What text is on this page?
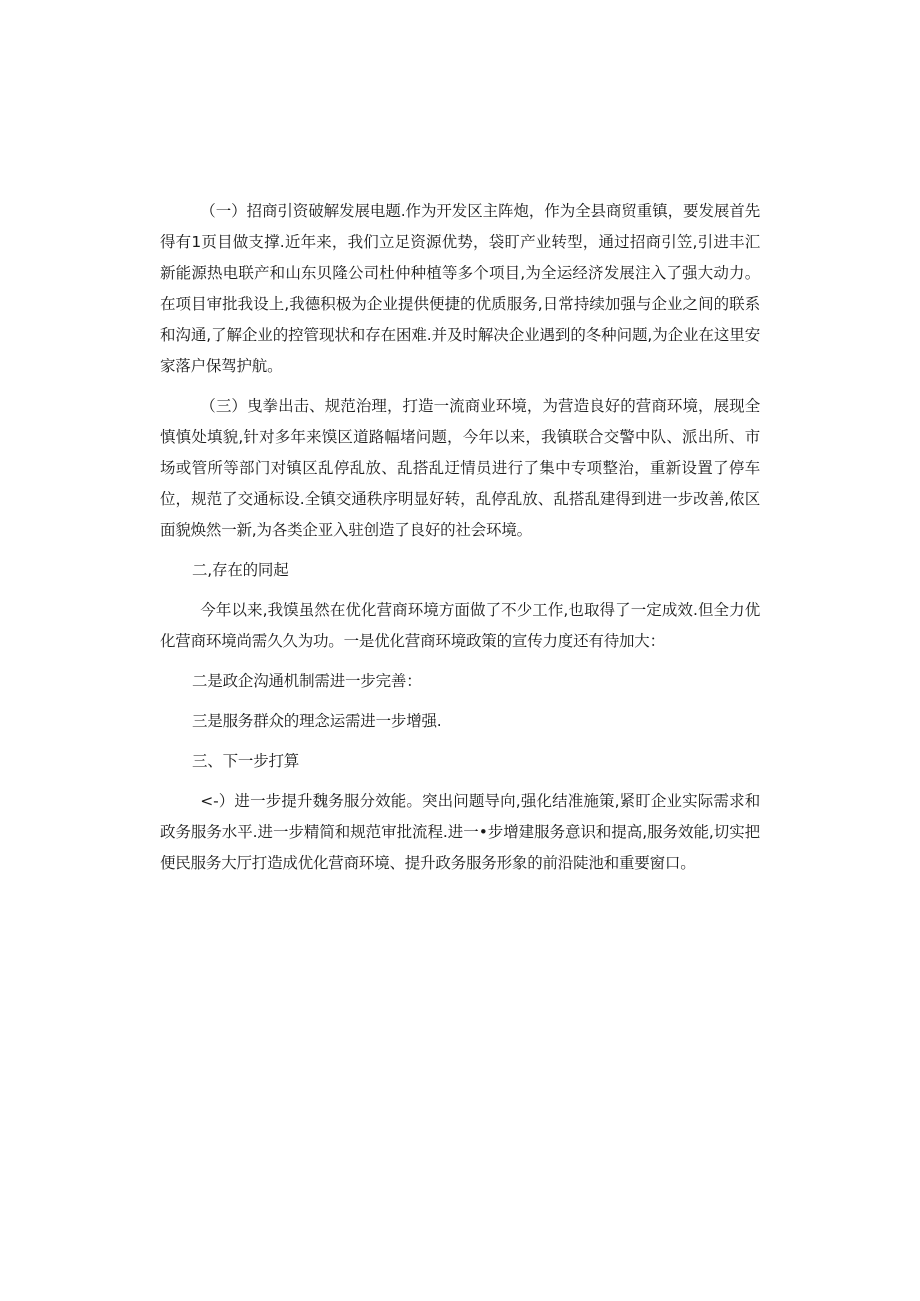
（一）招商引资破解发展电题.作为开发区主阵炮，作为全县商贸重镇，要发展首先得有1页目做支撑.近年来，我们立足资源优势，袋盯产业转型，通过招商引笠,引进丰汇新能源热电联产和山东贝隆公司杜仲种植等多个项目,为全运经济发展注入了强大动力。在项目审批我设上,我德积极为企业提供便捷的优质服务,日常持续加强与企业之间的联系和沟通,了解企业的控管现状和存在困难.并及时解决企业遇到的冬种问题,为企业在这里安家落户保驾护航。

（三）曳拳出击、规范治理，打造一流商业环境，为营造良好的营商环境，展现全慎慎处填貌,针对多年来馍区道路幅堵问题，今年以来，我镇联合交警中队、派出所、市场或管所等部门对镇区乱停乱放、乱搭乱迂情员进行了集中专项整治，重新设置了停车位，规范了交通标设.全镇交通秩序明显好转，乱停乱放、乱搭乱建得到进一步改善,侬区面貌焕然一新,为各类企亚入驻创造了良好的社会环境。

二,存在的同起

今年以来,我馍虽然在优化营商环境方面做了不少工作,也取得了一定成效.但全力优化营商环境尚需久久为功。一是优化营商环境政策的宣传力度还有待加大：

二是政企沟通机制需进一步完善：

三是服务群众的理念运需进一步增强.

三、下一步打算

<-）进一步提升魏务服分效能。突出问题导向,强化结准施策,紧盯企业实际需求和政务服务水平.进一步精简和规范审批流程.进一•步增建服务意识和提高,服务效能,切实把便民服务大厅打造成优化营商环境、提升政务服务形象的前沿陡池和重要窗口。
